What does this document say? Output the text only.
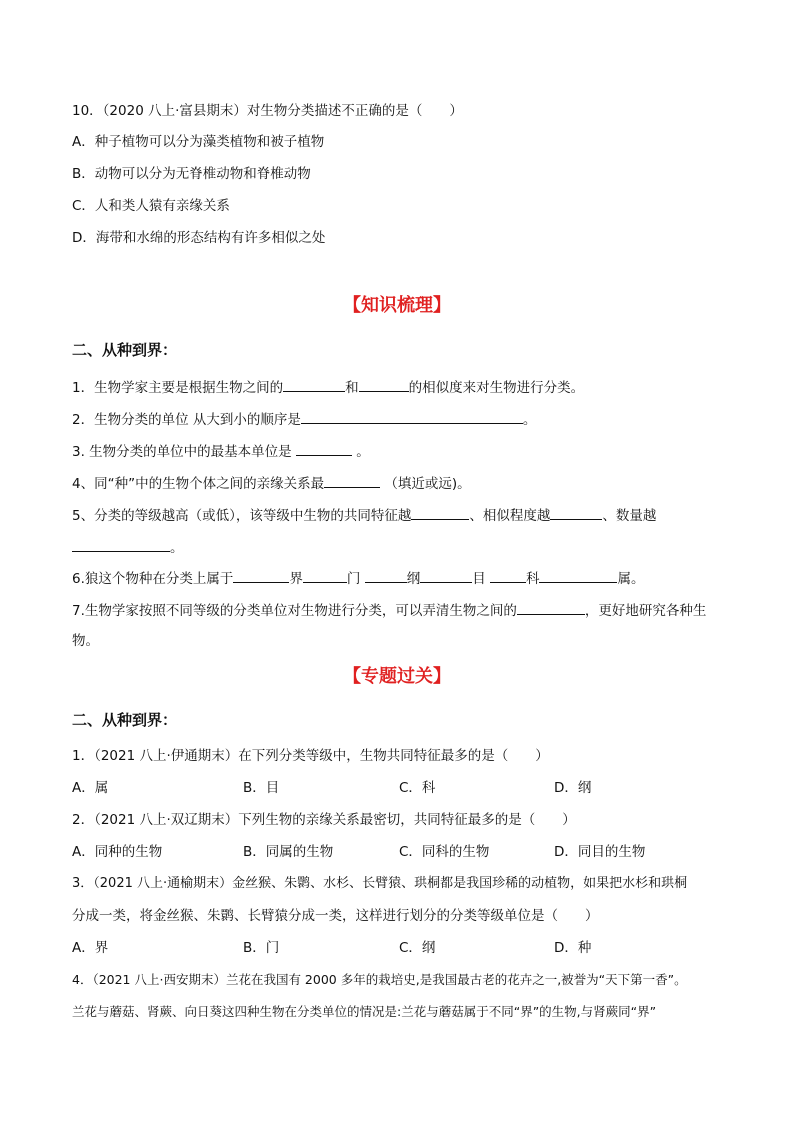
10．（2020 八上·富县期末）对生物分类描述不正确的是（　　）
A．种子植物可以分为藻类植物和被子植物
B．动物可以分为无脊椎动物和脊椎动物
C．人和类人猿有亲缘关系
D．海带和水绵的形态结构有许多相似之处
【知识梳理】
二、从种到界：
1．生物学家主要是根据生物之间的	和	的相似度来对生物进行分类。
2．生物分类的单位 从大到小的顺序是	。
3. 生物分类的单位中的最基本单位是	。
4、同“种”中的生物个体之间的亲缘关系最	（填近或远)。
5、分类的等级越高（或低），该等级中生物的共同特征越	、相似程度越	、数量越
。
6.狼这个物种在分类上属于	界	门	纲	目	科	属。
7.生物学家按照不同等级的分类单位对生物进行分类，可以弄清生物之间的	，更好地研究各种生
物。
【专题过关】
二、从种到界：
1．（2021 八上·伊通期末）在下列分类等级中，生物共同特征最多的是（　　）
A．属	B．目	C．科	D．纲
2．（2021 八上·双辽期末）下列生物的亲缘关系最密切，共同特征最多的是（　　）
A．同种的生物	B．同属的生物	C．同科的生物	D．同目的生物
3．（2021 八上·通榆期末）金丝猴、朱鹮、水杉、长臂猿、珙桐都是我国珍稀的动植物，如果把水杉和珙桐
分成一类，将金丝猴、朱鹮、长臂猿分成一类，这样进行划分的分类等级单位是（　　）
A．界	B．门	C．纲	D．种
4．（2021 八上·西安期末）兰花在我国有 2000 多年的栽培史,是我国最古老的花卉之一,被誉为“天下第一香”。
兰花与蘑菇、肾蕨、向日葵这四种生物在分类单位的情况是:兰花与蘑菇属于不同“界”的生物,与肾蕨同“界”
